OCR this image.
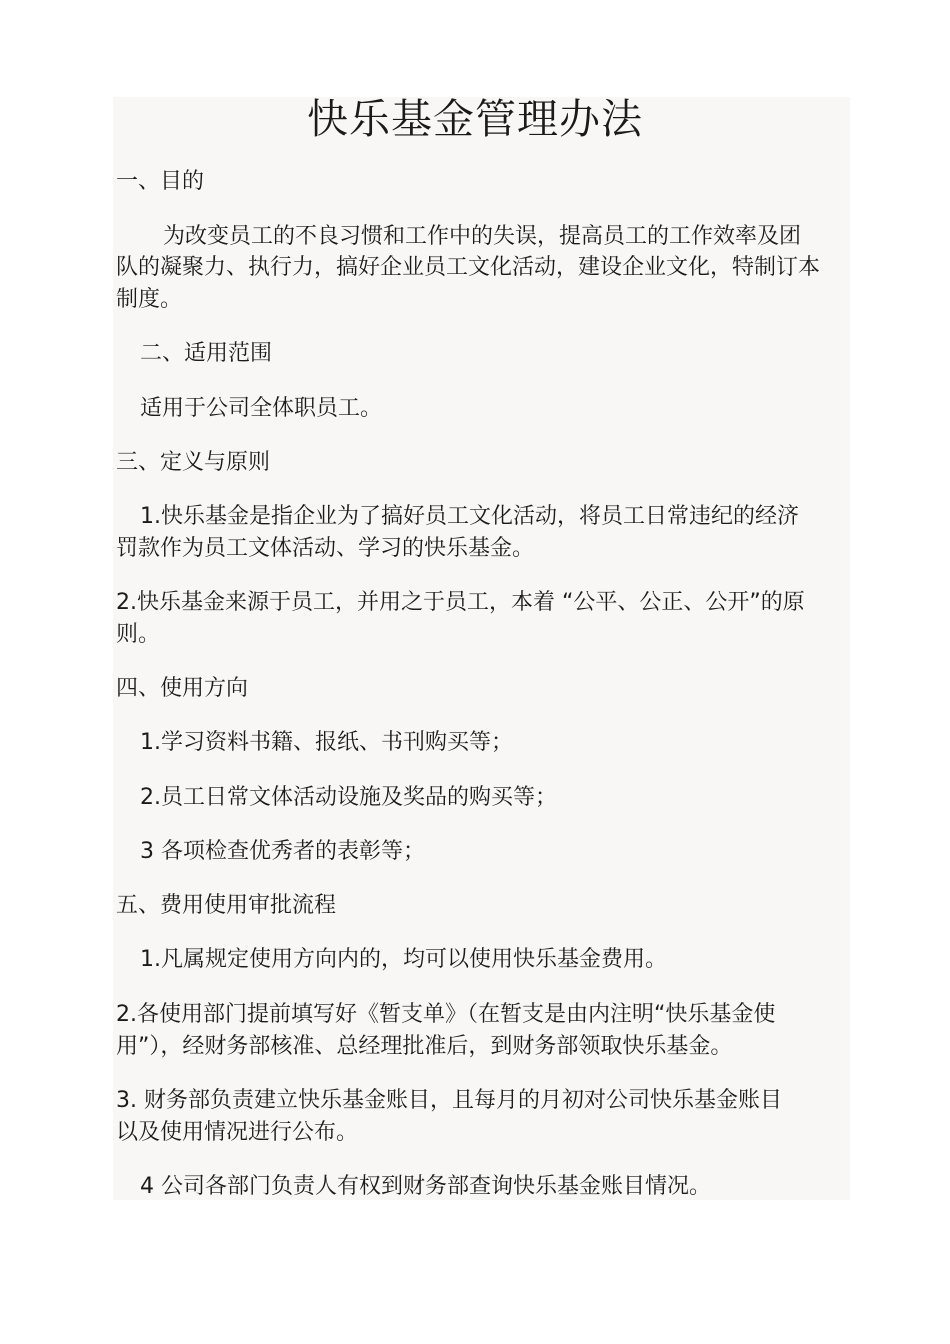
快乐基金管理办法
一、目的
为改变员工的不良习惯和工作中的失误，提高员工的工作效率及团
队的凝聚力、执行力，搞好企业员工文化活动，建设企业文化，特制订本
制度。
二、适用范围
适用于公司全体职员工。
三、定义与原则
1.快乐基金是指企业为了搞好员工文化活动，将员工日常违纪的经济
罚款作为员工文体活动、学习的快乐基金。
2.快乐基金来源于员工，并用之于员工，本着 “公平、公正、公开”的原
则。
四、使用方向
1.学习资料书籍、报纸、书刊购买等；
2.员工日常文体活动设施及奖品的购买等；
3 各项检查优秀者的表彰等；
五、费用使用审批流程
1.凡属规定使用方向内的，均可以使用快乐基金费用。
2.各使用部门提前填写好《暂支单》（在暂支是由内注明“快乐基金使
用”），经财务部核准、总经理批准后，到财务部领取快乐基金。
3. 财务部负责建立快乐基金账目，且每月的月初对公司快乐基金账目
以及使用情况进行公布。
4 公司各部门负责人有权到财务部查询快乐基金账目情况。
